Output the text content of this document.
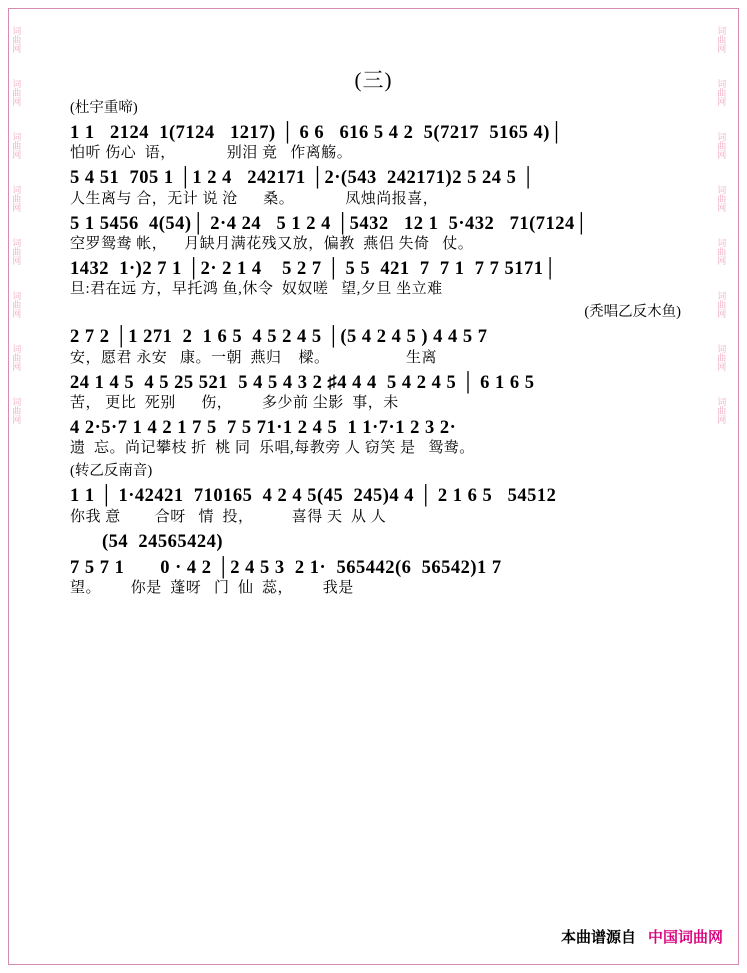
词曲网
词曲网
词曲网
词曲网
词曲网
词曲网
词曲网
词曲网
词曲网
词曲网
词曲网
词曲网
词曲网
词曲网
词曲网
词曲网
(三)
(杜宇重啼)
1 1   2124  1(7124   1217) │ 6 6   616 5 4 2  5(7217  5165 4)│
怕听 伤心  语，            别泪 竟   作离觞。
5 4 51  705 1 │1 2 4   242171 │2·(543  242171)2 5 24 5 │
人生离与 合，无计 说 沧      桑。            凤烛尚报喜，
5 1 5456  4(54)│ 2·4 24   5 1 2 4 │5432   12 1  5·432   71(7124│
空罗鸳鸯 帐，    月缺月满花残又放，偏教  燕侣 失倚   仗。
1432  1·)2 7 1 │2· 2 1 4    5 2 7 │ 5 5  421  7  7 1  7 7 5171│
旦:君在远 方，早托鸿 鱼,休令  奴奴嗟   望,夕旦 坐立难
(秃唱乙反木鱼)
2 7 2 │1 271  2  1 6 5  4 5 2 4 5 │(5 4 2 4 5 ) 4 4 5 7
安，愿君 永安   康。一朝  燕归    樑。                  生离
24 1 4 5  4 5 25 521  5 4 5 4 3 2 ♯4 4 4  5 4 2 4 5 │ 6 1 6 5
苦， 更比  死别      伤，       多少前 尘影  事，未
4 2·5·7 1 4 2 1 7 5  7 5 71·1 2 4 5  1 1·7·1 2 3 2·
遗  忘。尚记攀枝 折  桃 同  乐唱,每教旁 人 窃笑 是   鸳鸯。
(转乙反南音)
1 1 │ 1·42421  710165  4 2 4 5(45  245)4 4 │ 2 1 6 5   54512
你我 意        合呀   情  投，         喜得 天  从 人
(54  24565424)
7 5 7 1       0 · 4 2 │2 4 5 3  2 1·  565442(6  56542)1 7
望。       你是  蓬呀   门  仙  蕊，       我是
本曲谱源自 中国词曲网
